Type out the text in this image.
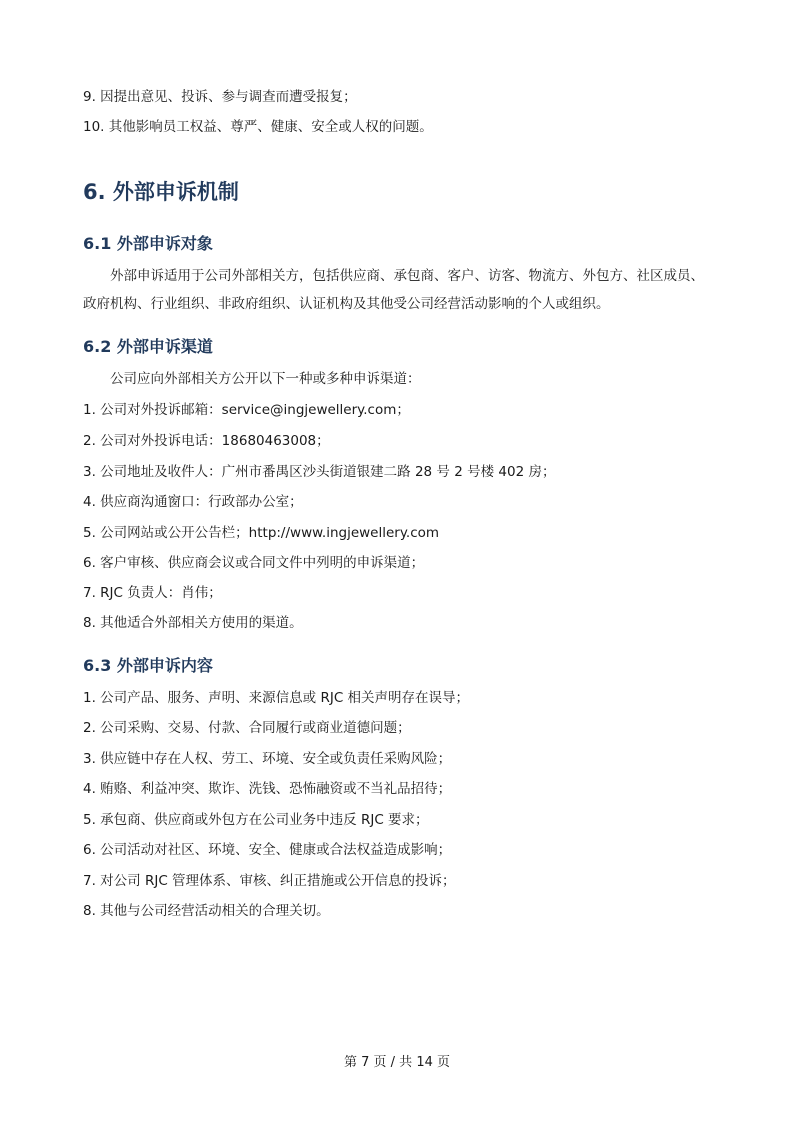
9. 因提出意见、投诉、参与调查而遭受报复；
10. 其他影响员工权益、尊严、健康、安全或人权的问题。
6. 外部申诉机制
6.1 外部申诉对象
外部申诉适用于公司外部相关方，包括供应商、承包商、客户、访客、物流方、外包方、社区成员、
政府机构、行业组织、非政府组织、认证机构及其他受公司经营活动影响的个人或组织。
6.2 外部申诉渠道
公司应向外部相关方公开以下一种或多种申诉渠道：
1. 公司对外投诉邮箱：service@ingjewellery.com；
2. 公司对外投诉电话：18680463008；
3. 公司地址及收件人：广州市番禺区沙头街道银建二路 28 号 2 号楼 402 房；
4. 供应商沟通窗口：行政部办公室；
5. 公司网站或公开公告栏；http://www.ingjewellery.com
6. 客户审核、供应商会议或合同文件中列明的申诉渠道；
7. RJC 负责人：肖伟；
8. 其他适合外部相关方使用的渠道。
6.3 外部申诉内容
1. 公司产品、服务、声明、来源信息或 RJC 相关声明存在误导；
2. 公司采购、交易、付款、合同履行或商业道德问题；
3. 供应链中存在人权、劳工、环境、安全或负责任采购风险；
4. 贿赂、利益冲突、欺诈、洗钱、恐怖融资或不当礼品招待；
5. 承包商、供应商或外包方在公司业务中违反 RJC 要求；
6. 公司活动对社区、环境、安全、健康或合法权益造成影响；
7. 对公司 RJC 管理体系、审核、纠正措施或公开信息的投诉；
8. 其他与公司经营活动相关的合理关切。
第 7 页 / 共 14 页
